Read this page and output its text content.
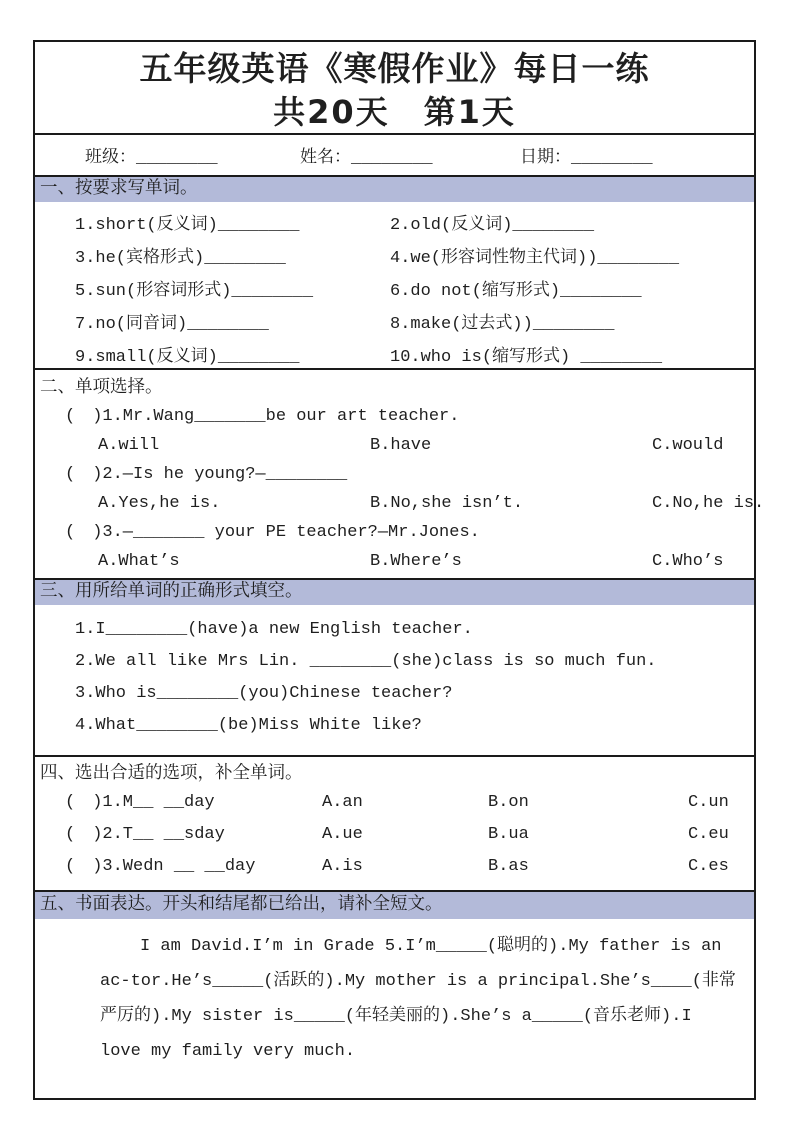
五年级英语《寒假作业》每日一练
共20天　第1天
班级：________	姓名：________	日期：________
一、按要求写单词。
1.short(反义词)________	2.old(反义词)________
3.he(宾格形式)________	4.we(形容词性物主代词))________
5.sun(形容词形式)________	6.do not(缩写形式)________
7.no(同音词)________	8.make(过去式))________
9.small(反义词)________	10.who is(缩写形式) ________
二、单项选择。
(　)1.Mr.Wang_______be our art teacher.
A.will	B.have	C.would
(　)2.—Is he young?—________
A.Yes,he is.	B.No,she isn’t.	C.No,he is.
(　)3.—_______ your PE teacher?—Mr.Jones.
A.What’s	B.Where’s	C.Who’s
三、用所给单词的正确形式填空。
1.I________(have)a new English teacher.
2.We all like Mrs Lin. ________(she)class is so much fun.
3.Who is________(you)Chinese teacher?
4.What________(be)Miss White like?
四、选出合适的选项，补全单词。
(　)1.M__ __day	A.an	B.on	C.un
(　)2.T__ __sday	A.ue	B.ua	C.eu
(　)3.Wedn __ __day	A.is	B.as	C.es
五、书面表达。开头和结尾都已给出，请补全短文。
I am David.I’m in Grade 5.I’m_____(聪明的).My father is an ac-tor.He’s_____(活跃的).My mother is a principal.She’s____(非常严厉的).My sister is_____(年轻美丽的).She’s a_____(音乐老师).I love my family very much.
